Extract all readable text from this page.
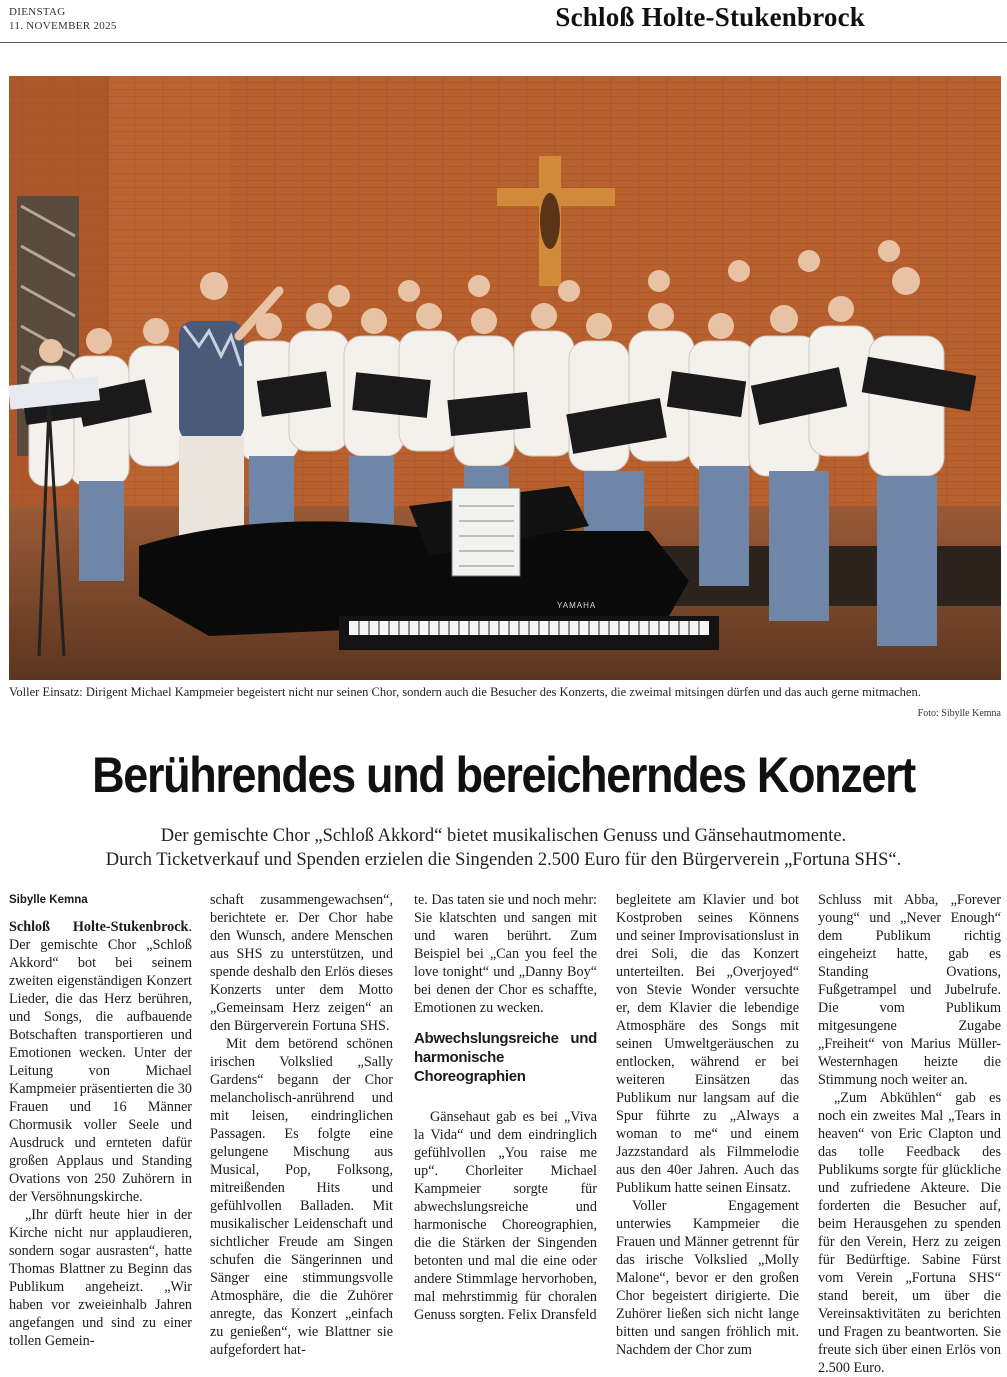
DIENSTAG
11. NOVEMBER 2025	Schloß Holte-Stukenbrock
YAMAHA
Voller Einsatz: Dirigent Michael Kampmeier begeistert nicht nur seinen Chor, sondern auch die Besucher des Konzerts, die zweimal mitsingen dürfen und das auch gerne mitmachen.
Foto: Sibylle Kemna
Berührendes und bereicherndes Konzert
Der gemischte Chor „Schloß Akkord“ bietet musikalischen Genuss und Gänsehautmomente.
Durch Ticketverkauf und Spenden erzielen die Singenden 2.500 Euro für den Bürgerverein „Fortuna SHS“.
Sibylle Kemna

Schloß Holte-Stukenbrock. Der gemischte Chor „Schloß Akkord“ bot bei seinem zweiten eigenständigen Konzert Lieder, die das Herz berühren, und Songs, die aufbauende Botschaften transportieren und Emotionen wecken. Unter der Leitung von Michael Kampmeier präsentierten die 30 Frauen und 16 Männer Chormusik voller Seele und Ausdruck und ernteten dafür großen Applaus und Standing Ovations von 250 Zuhörern in der Versöhnungskirche.

„Ihr dürft heute hier in der Kirche nicht nur applaudieren, sondern sogar ausrasten“, hatte Thomas Blattner zu Beginn das Publikum angeheizt. „Wir haben vor zweieinhalb Jahren angefangen und sind zu einer tollen Gemein-

schaft zusammengewachsen“, berichtete er. Der Chor habe den Wunsch, andere Menschen aus SHS zu unterstützen, und spende deshalb den Erlös dieses Konzerts unter dem Motto „Gemeinsam Herz zeigen“ an den Bürgerverein Fortuna SHS.

Mit dem betörend schönen irischen Volkslied „Sally Gardens“ begann der Chor melancholisch-anrührend und mit leisen, eindringlichen Passagen. Es folgte eine gelungene Mischung aus Musical, Pop, Folksong, mitreißenden Hits und gefühlvollen Balladen. Mit musikalischer Leidenschaft und sichtlicher Freude am Singen schufen die Sängerinnen und Sänger eine stimmungsvolle Atmosphäre, die die Zuhörer anregte, das Konzert „einfach zu genießen“, wie Blattner sie aufgefordert hat-

te. Das taten sie und noch mehr: Sie klatschten und sangen mit und waren berührt. Zum Beispiel bei „Can you feel the love tonight“ und „Danny Boy“ bei denen der Chor es schaffte, Emotionen zu wecken.

Abwechslungsreiche und harmonische Choreographien

Gänsehaut gab es bei „Viva la Vida“ und dem eindringlich gefühlvollen „You raise me up“. Chorleiter Michael Kampmeier sorgte für abwechslungsreiche und harmonische Choreographien, die die Stärken der Singenden betonten und mal die eine oder andere Stimmlage hervorhoben, mal mehrstimmig für choralen Genuss sorgten. Felix Dransfeld

begleitete am Klavier und bot Kostproben seines Könnens und seiner Improvisationslust in drei Soli, die das Konzert unterteilten. Bei „Overjoyed“ von Stevie Wonder versuchte er, dem Klavier die lebendige Atmosphäre des Songs mit seinen Umweltgeräuschen zu entlocken, während er bei weiteren Einsätzen das Publikum nur langsam auf die Spur führte zu „Always a woman to me“ und einem Jazzstandard als Filmmelodie aus den 40er Jahren. Auch das Publikum hatte seinen Einsatz.

Voller Engagement unterwies Kampmeier die Frauen und Männer getrennt für das irische Volkslied „Molly Malone“, bevor er den großen Chor begeistert dirigierte. Die Zuhörer ließen sich nicht lange bitten und sangen fröhlich mit. Nachdem der Chor zum

Schluss mit Abba, „Forever young“ und „Never Enough“ dem Publikum richtig eingeheizt hatte, gab es Standing Ovations, Fußgetrampel und Jubelrufe. Die vom Publikum mitgesungene Zugabe „Freiheit“ von Marius Müller-Westernhagen heizte die Stimmung noch weiter an.

„Zum Abkühlen“ gab es noch ein zweites Mal „Tears in heaven“ von Eric Clapton und das tolle Feedback des Publikums sorgte für glückliche und zufriedene Akteure. Die forderten die Besucher auf, beim Herausgehen zu spenden für den Verein, Herz zu zeigen für Bedürftige. Sabine Fürst vom Verein „Fortuna SHS“ stand bereit, um über die Vereinsaktivitäten zu berichten und Fragen zu beantworten. Sie freute sich über einen Erlös von 2.500 Euro.
